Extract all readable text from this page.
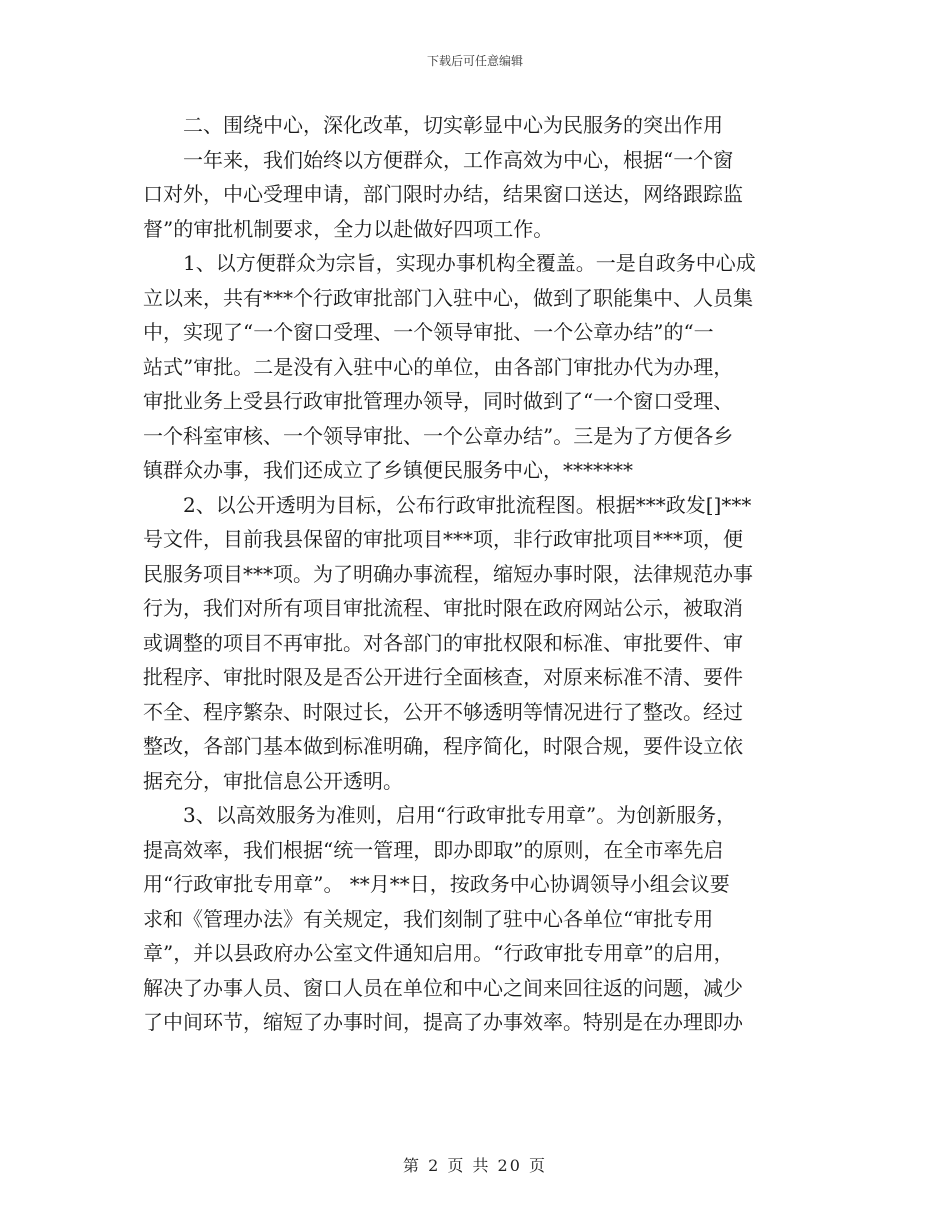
下载后可任意编辑
　　二、围绕中心，深化改革，切实彰显中心为民服务的突出作用
　　一年来，我们始终以方便群众，工作高效为中心，根据“一个窗
口对外，中心受理申请，部门限时办结，结果窗口送达，网络跟踪监
督”的审批机制要求，全力以赴做好四项工作。
　　1、以方便群众为宗旨，实现办事机构全覆盖。一是自政务中心成
立以来，共有***个行政审批部门入驻中心，做到了职能集中、人员集
中，实现了“一个窗口受理、一个领导审批、一个公章办结”的“一
站式”审批。二是没有入驻中心的单位，由各部门审批办代为办理，
审批业务上受县行政审批管理办领导，同时做到了“一个窗口受理、
一个科室审核、一个领导审批、一个公章办结”。三是为了方便各乡
镇群众办事，我们还成立了乡镇便民服务中心，*******
　　2、以公开透明为目标，公布行政审批流程图。根据***政发[]***
号文件，目前我县保留的审批项目***项，非行政审批项目***项，便
民服务项目***项。为了明确办事流程，缩短办事时限，法律规范办事
行为，我们对所有项目审批流程、审批时限在政府网站公示，被取消
或调整的项目不再审批。对各部门的审批权限和标准、审批要件、审
批程序、审批时限及是否公开进行全面核查，对原来标准不清、要件
不全、程序繁杂、时限过长，公开不够透明等情况进行了整改。经过
整改，各部门基本做到标准明确，程序简化，时限合规，要件设立依
据充分，审批信息公开透明。
　　3、以高效服务为准则，启用“行政审批专用章”。为创新服务，
提高效率，我们根据“统一管理，即办即取”的原则，在全市率先启
用“行政审批专用章”。 **月**日，按政务中心协调领导小组会议要
求和《管理办法》有关规定，我们刻制了驻中心各单位“审批专用
章”，并以县政府办公室文件通知启用。“行政审批专用章”的启用，
解决了办事人员、窗口人员在单位和中心之间来回往返的问题，减少
了中间环节，缩短了办事时间，提高了办事效率。特别是在办理即办
第 2 页 共 20 页
